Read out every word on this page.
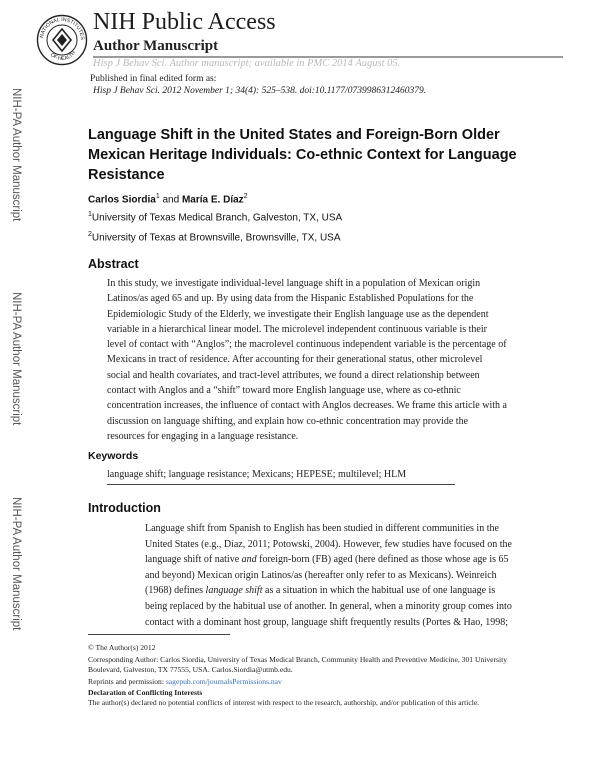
NATIONAL INSTITUTES
OF HEALTH
NIH Public Access
Author Manuscript
Hisp J Behav Sci. Author manuscript; available in PMC 2014 August 05.
Published in final edited form as:
Hisp J Behav Sci. 2012 November 1; 34(4): 525–538. doi:10.1177/0739986312460379.
NIH-PA Author Manuscript
NIH-PA Author Manuscript
NIH-PA Author Manuscript
Language Shift in the United States and Foreign-Born Older Mexican Heritage Individuals: Co-ethnic Context for Language Resistance
Carlos Siordia$^1$ and María E. Díaz$^2$
$^1$University of Texas Medical Branch, Galveston, TX, USA
$^2$University of Texas at Brownsville, Brownsville, TX, USA
Abstract

In this study, we investigate individual-level language shift in a population of Mexican origin Latinos/as aged 65 and up. By using data from the Hispanic Established Populations for the Epidemiologic Study of the Elderly, we investigate their English language use as the dependent variable in a hierarchical linear model. The microlevel independent continuous variable is their level of contact with “Anglos”; the macrolevel continuous independent variable is the percentage of Mexicans in tract of residence. After accounting for their generational status, other microlevel social and health covariates, and tract-level attributes, we found a direct relationship between contact with Anglos and a “shift” toward more English language use, where as co-ethnic concentration increases, the influence of contact with Anglos decreases. We frame this article with a discussion on language shifting, and explain how co-ethnic concentration may provide the resources for engaging in a language resistance.

Keywords
language shift; language resistance; Mexicans; HEPESE; multilevel; HLM
Introduction

Language shift from Spanish to English has been studied in different communities in the United States (e.g., Díaz, 2011; Potowski, 2004). However, few studies have focused on the language shift of native and foreign-born (FB) aged (here defined as those whose age is 65 and beyond) Mexican origin Latinos/as (hereafter only refer to as Mexicans). Weinreich (1968) defines language shift as a situation in which the habitual use of one language is being replaced by the habitual use of another. In general, when a minority group comes into contact with a dominant host group, language shift frequently results (Portes & Hao, 1998;

© The Author(s) 2012
Corresponding Author: Carlos Siordia, University of Texas Medical Branch, Community Health and Preventive Medicine, 301 University Boulevard, Galveston, TX 77555, USA. Carlos.Siordia@utmb.edu.
Reprints and permission: sagepub.com/journalsPermissions.nav
Declaration of Conflicting Interests
The author(s) declared no potential conflicts of interest with respect to the research, authorship, and/or publication of this article.
